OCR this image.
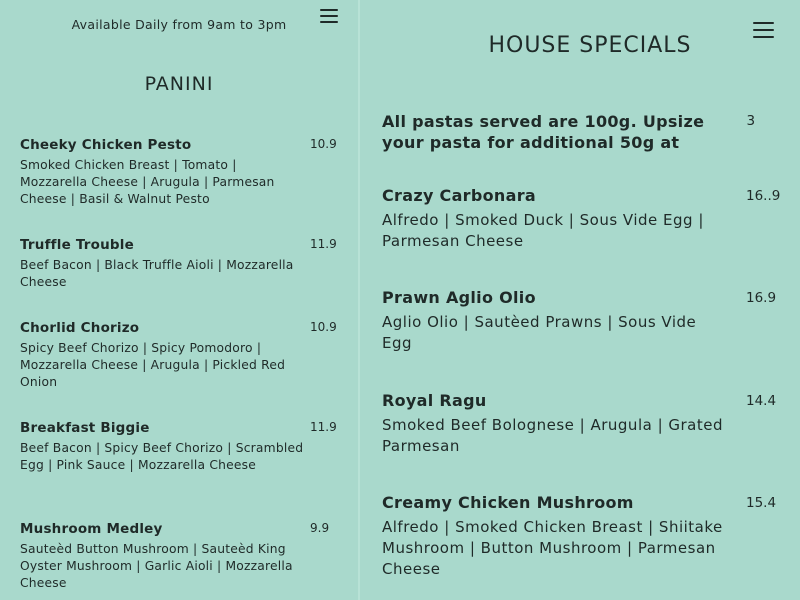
Available Daily from 9am to 3pm
PANINI
Cheeky Chicken Pesto	10.9
Smoked Chicken Breast | Tomato | Mozzarella Cheese | Arugula | Parmesan Cheese | Basil & Walnut Pesto
Truffle Trouble	11.9
Beef Bacon | Black Truffle Aioli | Mozzarella Cheese
Chorlid Chorizo	10.9
Spicy Beef Chorizo | Spicy Pomodoro | Mozzarella Cheese | Arugula | Pickled Red Onion
Breakfast Biggie	11.9
Beef Bacon | Spicy Beef Chorizo | Scrambled Egg | Pink Sauce | Mozzarella Cheese
Mushroom Medley	9.9
Sauteèd Button Mushroom | Sauteèd King Oyster Mushroom | Garlic Aioli | Mozzarella Cheese
HOUSE SPECIALS
All pastas served are 100g. Upsize your pasta for additional 50g at
3
Crazy Carbonara	16..9
Alfredo | Smoked Duck | Sous Vide Egg | Parmesan Cheese
Prawn Aglio Olio	16.9
Aglio Olio | Sautèed Prawns | Sous Vide Egg
Royal Ragu	14.4
Smoked Beef Bolognese | Arugula | Grated Parmesan
Creamy Chicken Mushroom	15.4
Alfredo | Smoked Chicken Breast | Shiitake Mushroom | Button Mushroom | Parmesan Cheese
